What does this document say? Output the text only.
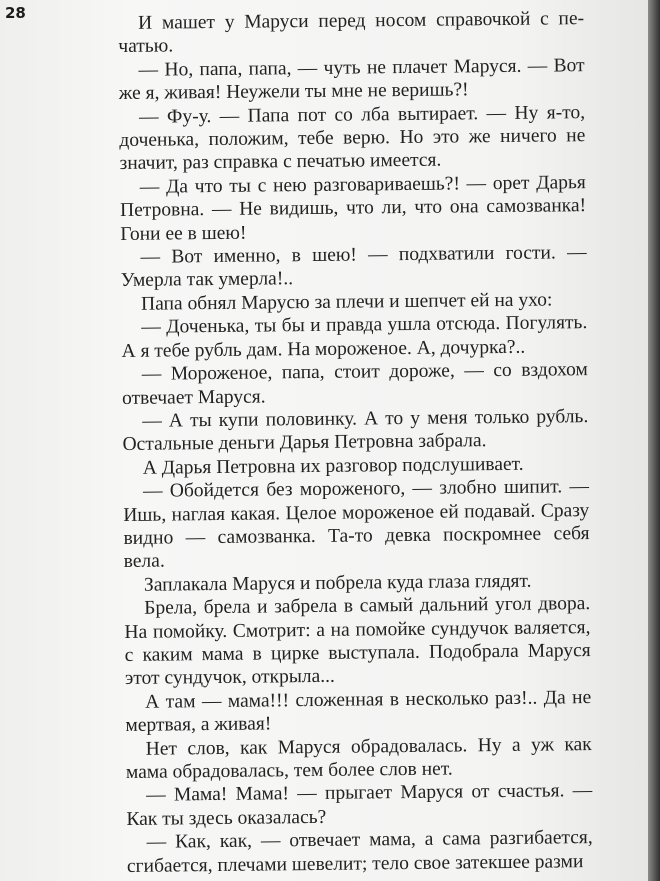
28	И машет у Маруси перед носом справочкой с печатью.

— Но, папа, папа, — чуть не плачет Маруся. — Вот же я, живая! Неужели ты мне не веришь?!

— Фу-у. — Папа пот со лба вытирает. — Ну я-то, доченька, положим, тебе верю. Но это же ничего не значит, раз справка с печатью имеется.

— Да что ты с нею разговариваешь?! — орет Дарья Петровна. — Не видишь, что ли, что она самозванка! Гони ее в шею!

— Вот именно, в шею! — подхватили гости. — Умерла так умерла!..

Папа обнял Марусю за плечи и шепчет ей на ухо:

— Доченька, ты бы и правда ушла отсюда. Погулять. А я тебе рубль дам. На мороженое. А, дочурка?..

— Мороженое, папа, стоит дороже, — со вздохом отвечает Маруся.

— А ты купи половинку. А то у меня только рубль. Остальные деньги Дарья Петровна забрала.

А Дарья Петровна их разговор подслушивает.

— Обойдется без мороженого, — злобно шипит. — Ишь, наглая какая. Целое мороженое ей подавай. Сразу видно — самозванка. Та-то девка поскромнее себя вела.

Заплакала Маруся и побрела куда глаза глядят.

Брела, брела и забрела в самый дальний угол двора. На помойку. Смотрит: а на помойке сундучок валяется, с каким мама в цирке выступала. Подобрала Маруся этот сундучок, открыла...

А там — мама!!! сложенная в несколько раз!.. Да не мертвая, а живая!

Нет слов, как Маруся обрадовалась. Ну а уж как мама обрадовалась, тем более слов нет.

— Мама! Мама! — прыгает Маруся от счастья. — Как ты здесь оказалась?

— Как, как, — отвечает мама, а сама разгибается, сгибается, плечами шевелит; тело свое затекшее разми
